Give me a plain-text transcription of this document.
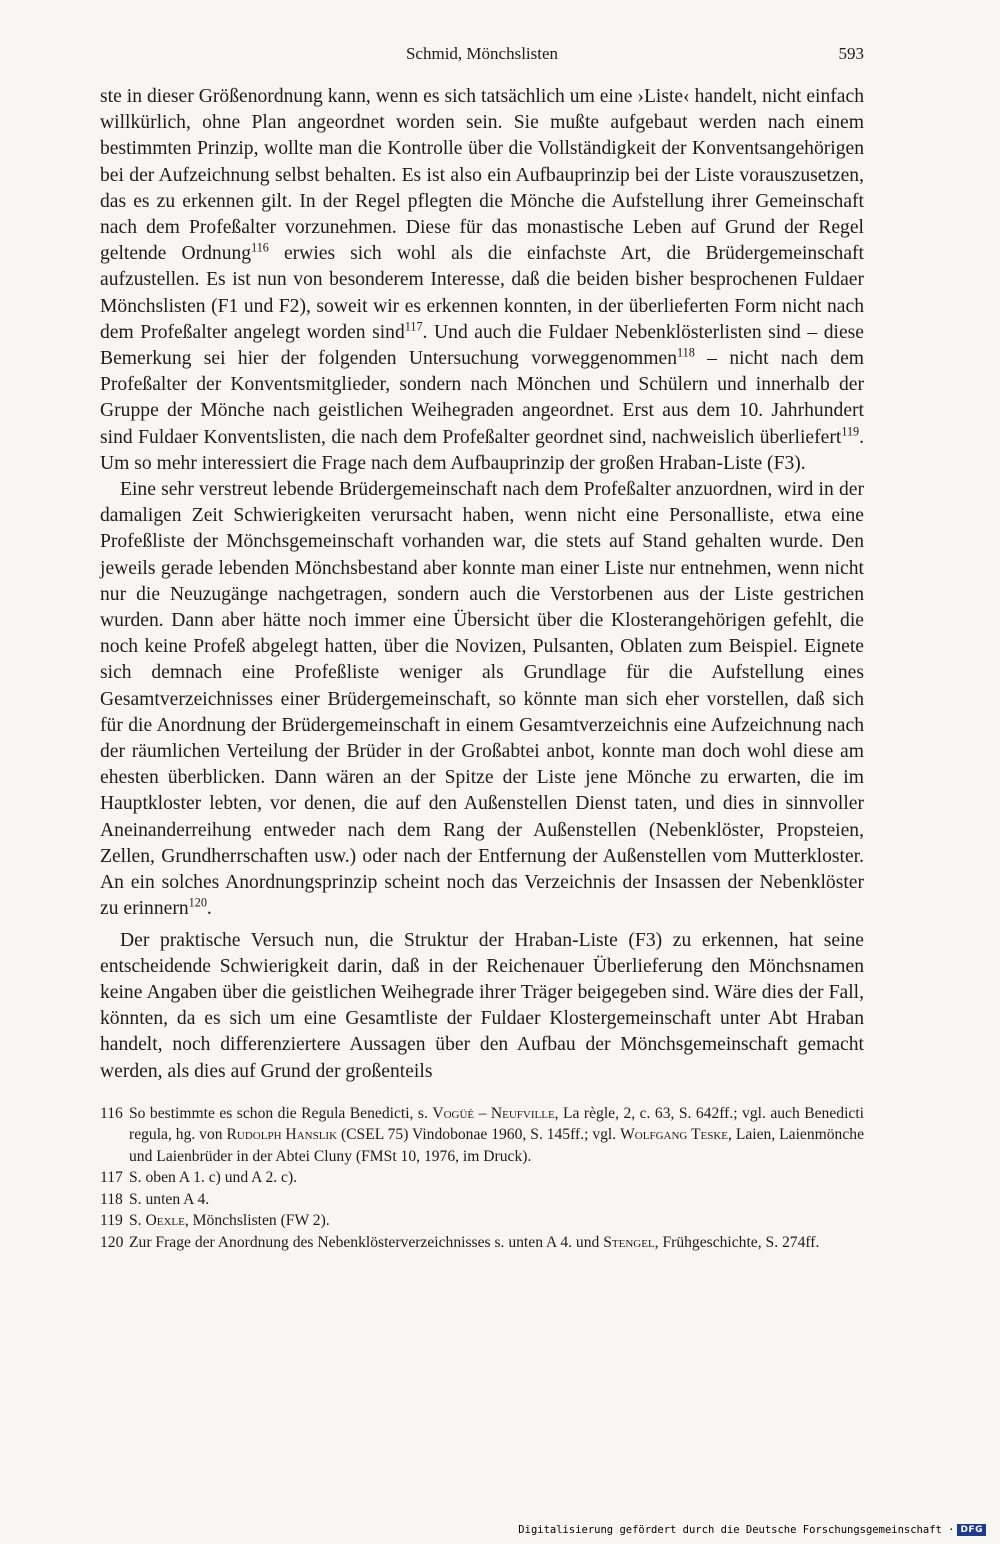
Schmid, Mönchslisten	593

ste in dieser Größenordnung kann, wenn es sich tatsächlich um eine ›Liste‹ handelt, nicht einfach willkürlich, ohne Plan angeordnet worden sein. Sie mußte aufgebaut werden nach einem bestimmten Prinzip, wollte man die Kontrolle über die Vollständigkeit der Konventsangehörigen bei der Aufzeichnung selbst behalten. Es ist also ein Aufbauprinzip bei der Liste vorauszusetzen, das es zu erkennen gilt. In der Regel pflegten die Mönche die Aufstellung ihrer Gemeinschaft nach dem Profeßalter vorzunehmen. Diese für das monastische Leben auf Grund der Regel geltende Ordnung$^{116}$ erwies sich wohl als die einfachste Art, die Brüdergemeinschaft aufzustellen. Es ist nun von besonderem Interesse, daß die beiden bisher besprochenen Fuldaer Mönchslisten (F1 und F2), soweit wir es erkennen konnten, in der überlieferten Form nicht nach dem Profeßalter angelegt worden sind$^{117}$. Und auch die Fuldaer Nebenklösterlisten sind – diese Bemerkung sei hier der folgenden Untersuchung vorweggenommen$^{118}$ – nicht nach dem Profeßalter der Konventsmitglieder, sondern nach Mönchen und Schülern und innerhalb der Gruppe der Mönche nach geistlichen Weihegraden angeordnet. Erst aus dem 10. Jahrhundert sind Fuldaer Konventslisten, die nach dem Profeßalter geordnet sind, nachweislich überliefert$^{119}$. Um so mehr interessiert die Frage nach dem Aufbauprinzip der großen Hraban-Liste (F3).

Eine sehr verstreut lebende Brüdergemeinschaft nach dem Profeßalter anzuordnen, wird in der damaligen Zeit Schwierigkeiten verursacht haben, wenn nicht eine Personalliste, etwa eine Profeßliste der Mönchsgemeinschaft vorhanden war, die stets auf Stand gehalten wurde. Den jeweils gerade lebenden Mönchsbestand aber konnte man einer Liste nur entnehmen, wenn nicht nur die Neuzugänge nachgetragen, sondern auch die Verstorbenen aus der Liste gestrichen wurden. Dann aber hätte noch immer eine Übersicht über die Klosterangehörigen gefehlt, die noch keine Profeß abgelegt hatten, über die Novizen, Pulsanten, Oblaten zum Beispiel. Eignete sich demnach eine Profeßliste weniger als Grundlage für die Aufstellung eines Gesamtverzeichnisses einer Brüdergemeinschaft, so könnte man sich eher vorstellen, daß sich für die Anordnung der Brüdergemeinschaft in einem Gesamtverzeichnis eine Aufzeichnung nach der räumlichen Verteilung der Brüder in der Großabtei anbot, konnte man doch wohl diese am ehesten überblicken. Dann wären an der Spitze der Liste jene Mönche zu erwarten, die im Hauptkloster lebten, vor denen, die auf den Außenstellen Dienst taten, und dies in sinnvoller Aneinanderreihung entweder nach dem Rang der Außenstellen (Nebenklöster, Propsteien, Zellen, Grundherrschaften usw.) oder nach der Entfernung der Außenstellen vom Mutterkloster. An ein solches Anordnungsprinzip scheint noch das Verzeichnis der Insassen der Nebenklöster zu erinnern$^{120}$.

Der praktische Versuch nun, die Struktur der Hraban-Liste (F3) zu erkennen, hat seine entscheidende Schwierigkeit darin, daß in der Reichenauer Überlieferung den Mönchsnamen keine Angaben über die geistlichen Weihegrade ihrer Träger beigegeben sind. Wäre dies der Fall, könnten, da es sich um eine Gesamtliste der Fuldaer Klostergemeinschaft unter Abt Hraban handelt, noch differenziertere Aussagen über den Aufbau der Mönchsgemeinschaft gemacht werden, als dies auf Grund der großenteils

116 So bestimmte es schon die Regula Benedicti, s. Vogüé – Neufville, La règle, 2, c. 63, S. 642ff.; vgl. auch Benedicti regula, hg. von Rudolph Hanslik (CSEL 75) Vindobonae 1960, S. 145ff.; vgl. Wolfgang Teske, Laien, Laienmönche und Laienbrüder in der Abtei Cluny (FMSt 10, 1976, im Druck).
117 S. oben A 1. c) und A 2. c).
118 S. unten A 4.
119 S. Oexle, Mönchslisten (FW 2).
120 Zur Frage der Anordnung des Nebenklösterverzeichnisses s. unten A 4. und Stengel, Frühgeschichte, S. 274ff.
Digitalisierung gefördert durch die Deutsche Forschungsgemeinschaft · DFG
